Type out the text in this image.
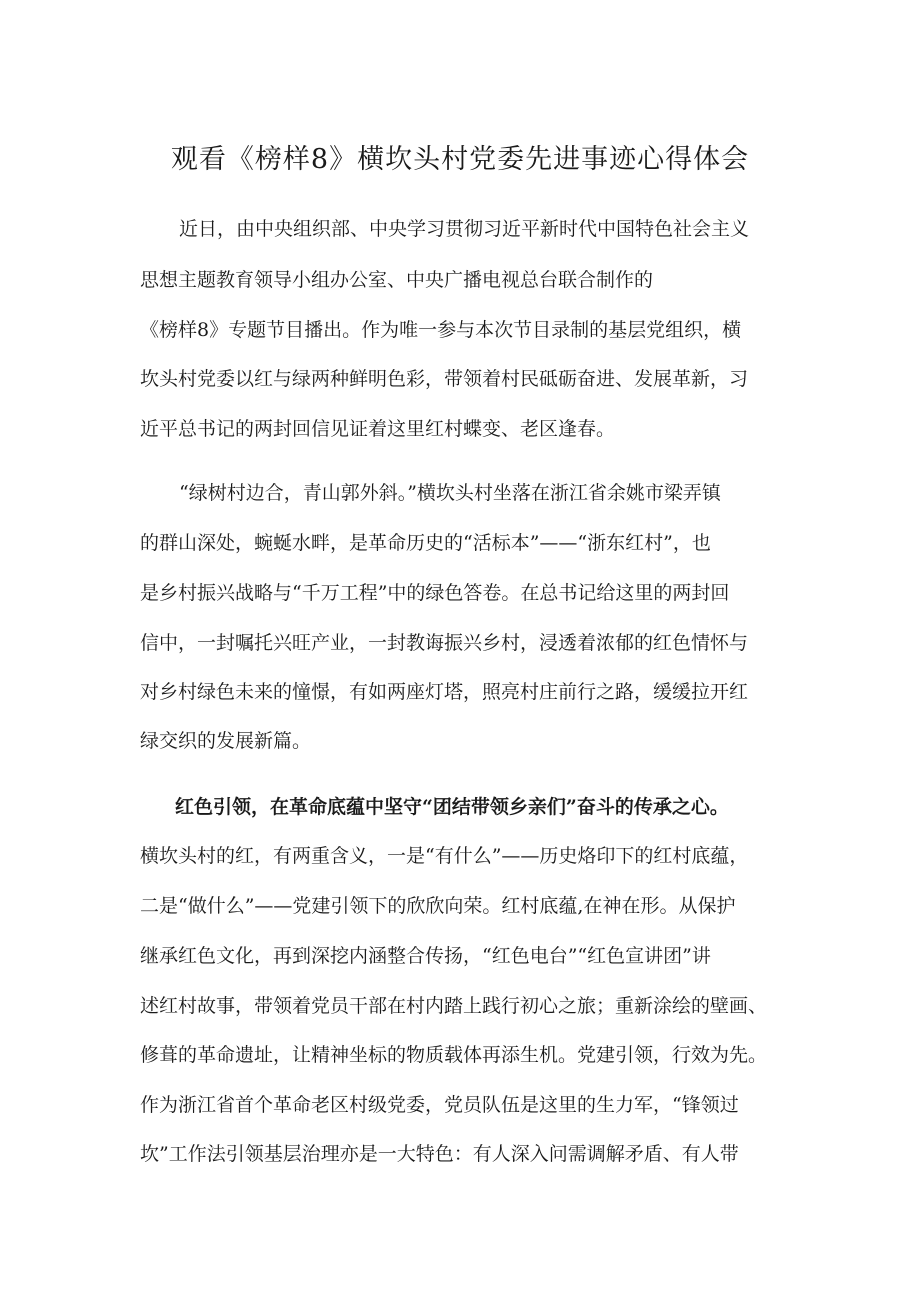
观看《榜样8》横坎头村党委先进事迹心得体会
近日，由中央组织部、中央学习贯彻习近平新时代中国特色社会主义
思想主题教育领导小组办公室、中央广播电视总台联合制作的
《榜样8》专题节目播出。作为唯一参与本次节目录制的基层党组织，横
坎头村党委以红与绿两种鲜明色彩，带领着村民砥砺奋进、发展革新，习
近平总书记的两封回信见证着这里红村蝶变、老区逢春。
“绿树村边合，青山郭外斜。”横坎头村坐落在浙江省余姚市梁弄镇
的群山深处，蜿蜒水畔，是革命历史的“活标本”——“浙东红村”，也
是乡村振兴战略与“千万工程”中的绿色答卷。在总书记给这里的两封回
信中，一封嘱托兴旺产业，一封教诲振兴乡村，浸透着浓郁的红色情怀与
对乡村绿色未来的憧憬，有如两座灯塔，照亮村庄前行之路，缓缓拉开红
绿交织的发展新篇。
红色引领，在革命底蕴中坚守“团结带领乡亲们”奋斗的传承之心。
横坎头村的红，有两重含义，一是“有什么”——历史烙印下的红村底蕴，
二是“做什么”——党建引领下的欣欣向荣。红村底蕴,在神在形。从保护
继承红色文化，再到深挖内涵整合传扬，“红色电台”“红色宣讲团”讲
述红村故事，带领着党员干部在村内踏上践行初心之旅；重新涂绘的壁画、
修葺的革命遗址，让精神坐标的物质载体再添生机。党建引领，行效为先。
作为浙江省首个革命老区村级党委，党员队伍是这里的生力军，“锋领过
坎”工作法引领基层治理亦是一大特色：有人深入问需调解矛盾、有人带
